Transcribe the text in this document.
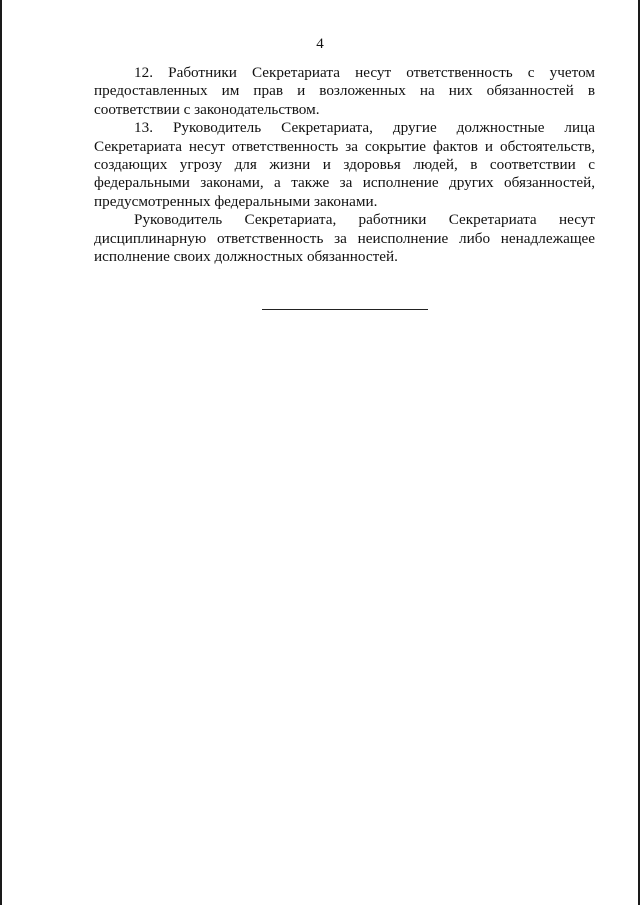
4

12. Работники Секретариата несут ответственность с учетом предоставленных им прав и возложенных на них обязанностей в соответствии с законодательством.

13. Руководитель Секретариата, другие должностные лица Секретариата несут ответственность за сокрытие фактов и обстоятельств, создающих угрозу для жизни и здоровья людей, в соответствии с федеральными законами, а также за исполнение других обязанностей, предусмотренных федеральными законами.

Руководитель Секретариата, работники Секретариата несут дисциплинарную ответственность за неисполнение либо ненадлежащее исполнение своих должностных обязанностей.
